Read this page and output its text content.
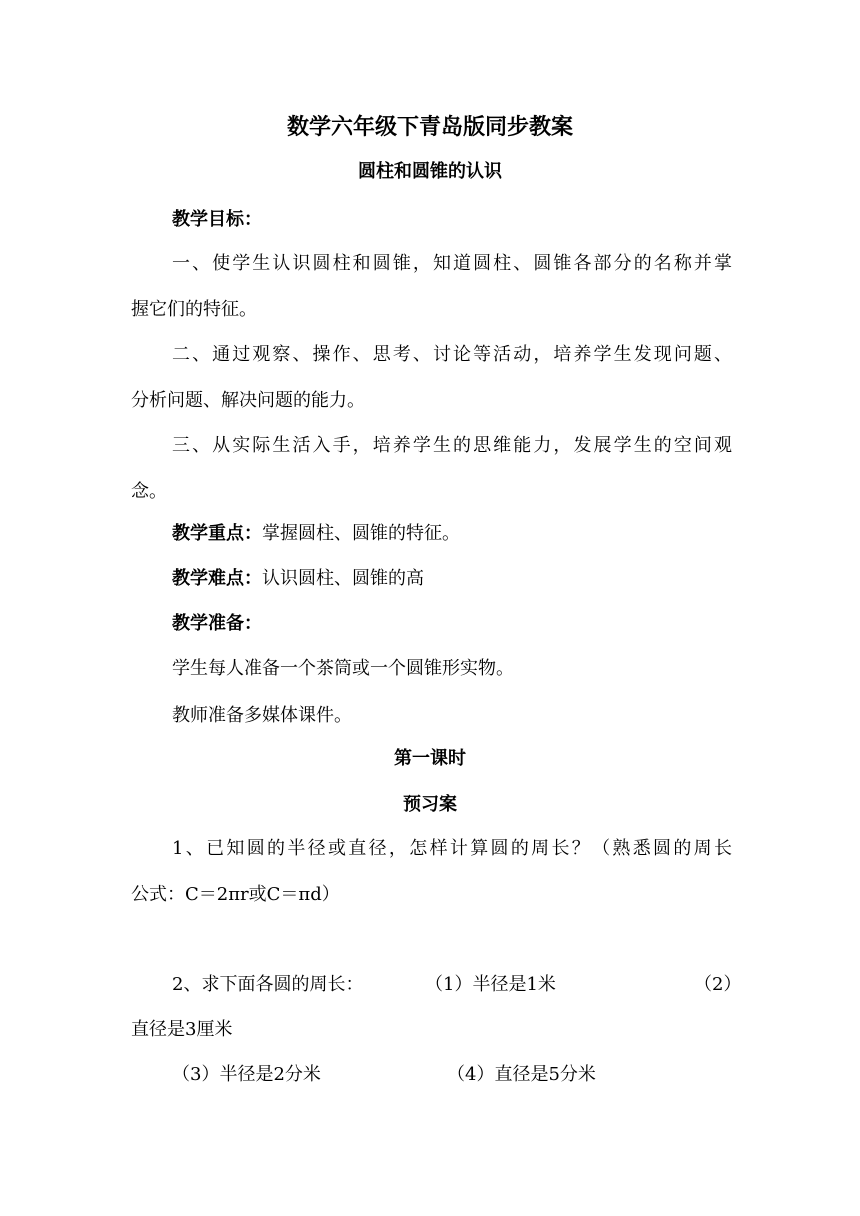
数学六年级下青岛版同步教案
圆柱和圆锥的认识

教学目标：

一、使学生认识圆柱和圆锥，知道圆柱、圆锥各部分的名称并掌

握它们的特征。

二、通过观察、操作、思考、讨论等活动，培养学生发现问题、

分析问题、解决问题的能力。

三、从实际生活入手，培养学生的思维能力，发展学生的空间观

念。

教学重点：掌握圆柱、圆锥的特征。

教学难点：认识圆柱、圆锥的高

教学准备：

学生每人准备一个茶筒或一个圆锥形实物。

教师准备多媒体课件。

第一课时
预习案

1、已知圆的半径或直径，怎样计算圆的周长？（熟悉圆的周长

公式：C＝2πr或C＝πd）

2、求下面各圆的周长：	（1）半径是1米	（2）

直径是3厘米

（3）半径是2分米	（4）直径是5分米
